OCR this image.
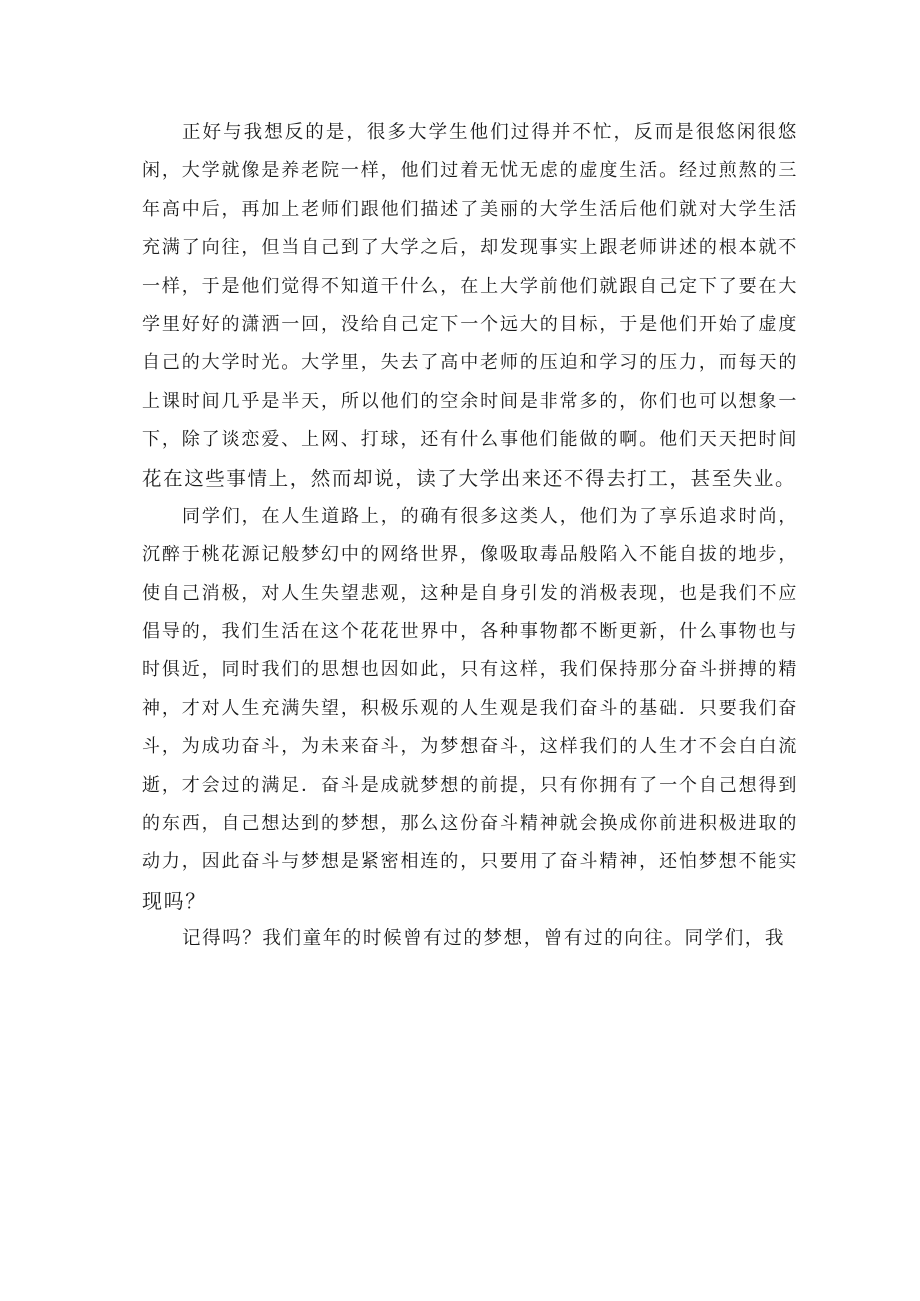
正好与我想反的是，很多大学生他们过得并不忙，反而是很悠闲很悠
闲，大学就像是养老院一样，他们过着无忧无虑的虚度生活。经过煎熬的三
年高中后，再加上老师们跟他们描述了美丽的大学生活后他们就对大学生活
充满了向往，但当自己到了大学之后，却发现事实上跟老师讲述的根本就不
一样，于是他们觉得不知道干什么，在上大学前他们就跟自己定下了要在大
学里好好的潇洒一回，没给自己定下一个远大的目标，于是他们开始了虚度
自己的大学时光。大学里，失去了高中老师的压迫和学习的压力，而每天的
上课时间几乎是半天，所以他们的空余时间是非常多的，你们也可以想象一
下，除了谈恋爱、上网、打球，还有什么事他们能做的啊。他们天天把时间
花在这些事情上，然而却说，读了大学出来还不得去打工，甚至失业。
同学们，在人生道路上，的确有很多这类人，他们为了享乐追求时尚，
沉醉于桃花源记般梦幻中的网络世界，像吸取毒品般陷入不能自拔的地步，
使自己消极，对人生失望悲观，这种是自身引发的消极表现，也是我们不应
倡导的，我们生活在这个花花世界中，各种事物都不断更新，什么事物也与
时俱近，同时我们的思想也因如此，只有这样，我们保持那分奋斗拼搏的精
神，才对人生充满失望，积极乐观的人生观是我们奋斗的基础．只要我们奋
斗，为成功奋斗，为未来奋斗，为梦想奋斗，这样我们的人生才不会白白流
逝，才会过的满足．奋斗是成就梦想的前提，只有你拥有了一个自己想得到
的东西，自己想达到的梦想，那么这份奋斗精神就会换成你前进积极进取的
动力，因此奋斗与梦想是紧密相连的，只要用了奋斗精神，还怕梦想不能实
现吗？
记得吗？我们童年的时候曾有过的梦想，曾有过的向往。同学们，我
